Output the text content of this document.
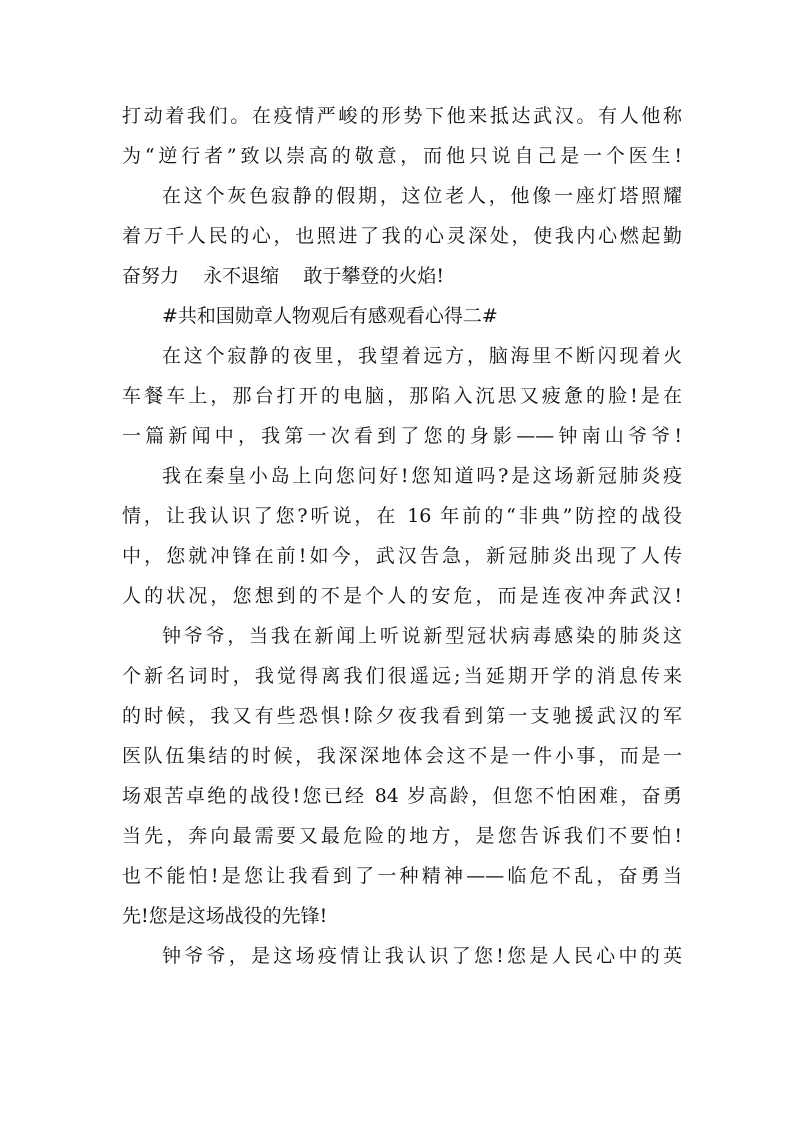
打动着我们。在疫情严峻的形势下他来抵达武汉。有人他称
为“逆行者”致以崇高的敬意，而他只说自己是一个医生!
在这个灰色寂静的假期，这位老人，他像一座灯塔照耀
着万千人民的心，也照进了我的心灵深处，使我内心燃起勤
奋努力    永不退缩    敢于攀登的火焰!
#共和国勋章人物观后有感观看心得二#
在这个寂静的夜里，我望着远方，脑海里不断闪现着火
车餐车上，那台打开的电脑，那陷入沉思又疲惫的脸!是在
一篇新闻中，我第一次看到了您的身影——钟南山爷爷!
我在秦皇小岛上向您问好!您知道吗?是这场新冠肺炎疫
情，让我认识了您?听说，在 16 年前的“非典”防控的战役
中，您就冲锋在前!如今，武汉告急，新冠肺炎出现了人传
人的状况，您想到的不是个人的安危，而是连夜冲奔武汉!
钟爷爷，当我在新闻上听说新型冠状病毒感染的肺炎这
个新名词时，我觉得离我们很遥远;当延期开学的消息传来
的时候，我又有些恐惧!除夕夜我看到第一支驰援武汉的军
医队伍集结的时候，我深深地体会这不是一件小事，而是一
场艰苦卓绝的战役!您已经 84 岁高龄，但您不怕困难，奋勇
当先，奔向最需要又最危险的地方，是您告诉我们不要怕!
也不能怕!是您让我看到了一种精神——临危不乱，奋勇当
先!您是这场战役的先锋!
钟爷爷，是这场疫情让我认识了您!您是人民心中的英
